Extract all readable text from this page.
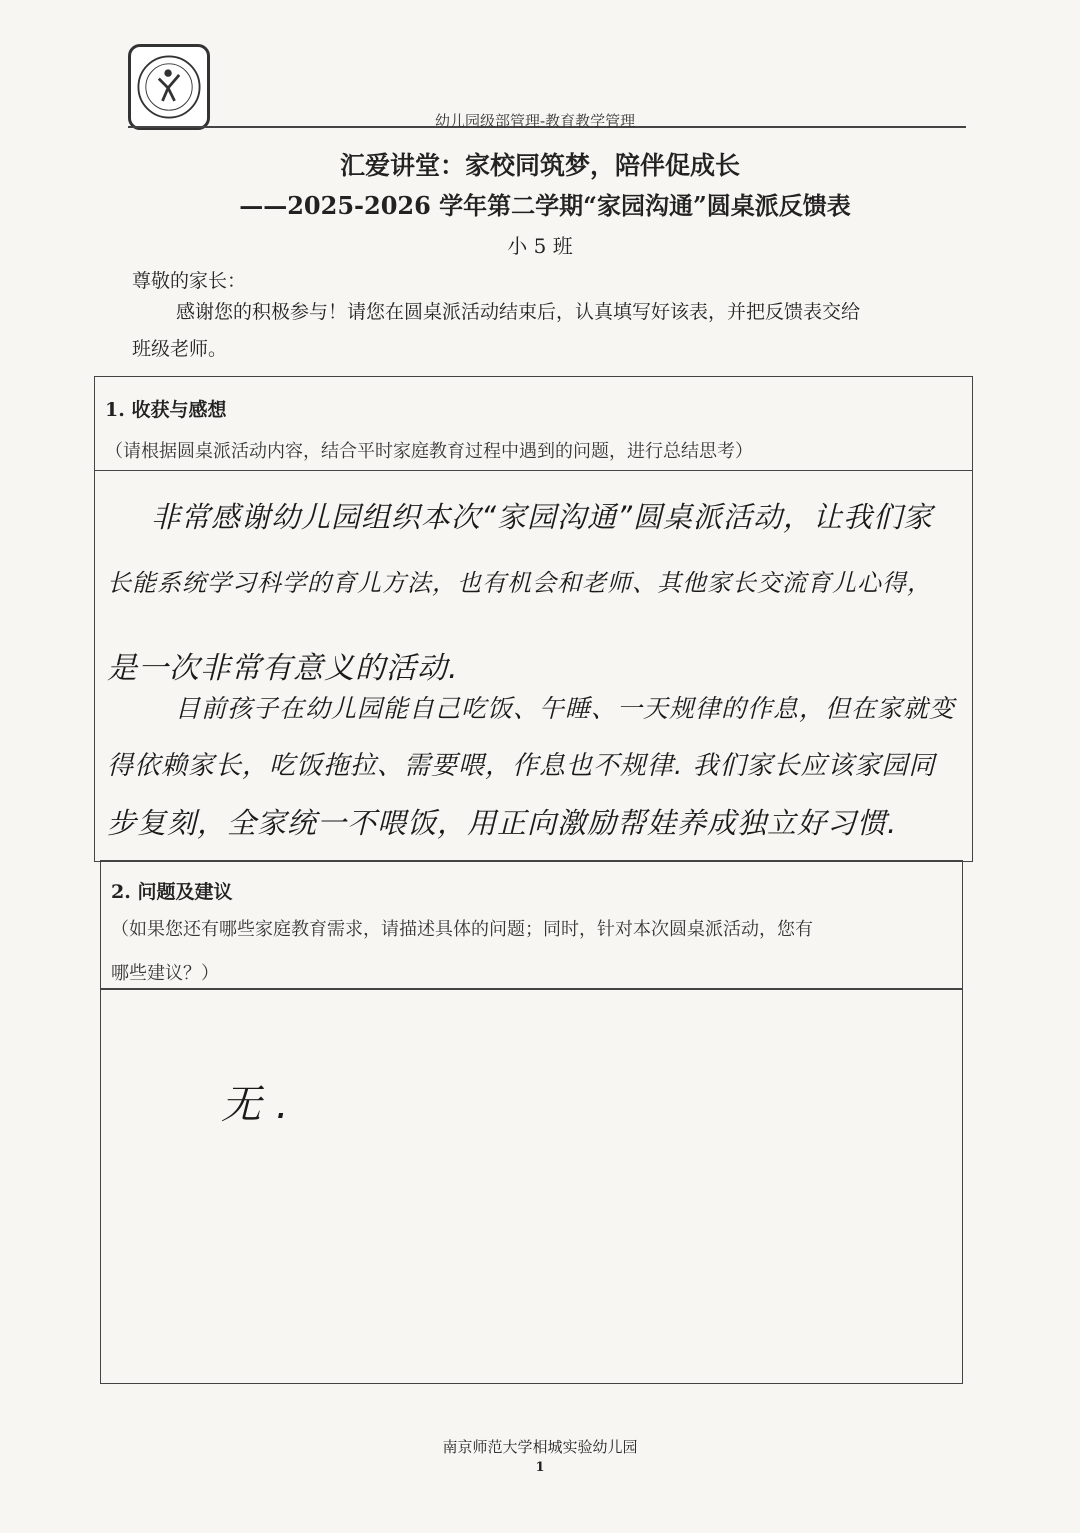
幼儿园级部管理-教育教学管理
汇爱讲堂：家校同筑梦，陪伴促成长
——2025-2026 学年第二学期“家园沟通”圆桌派反馈表
小 5 班
尊敬的家长：
感谢您的积极参与！请您在圆桌派活动结束后，认真填写好该表，并把反馈表交给
班级老师。
1. 收获与感想
（请根据圆桌派活动内容，结合平时家庭教育过程中遇到的问题，进行总结思考）
非常感谢幼儿园组织本次“家园沟通”圆桌派活动，让我们家
长能系统学习科学的育儿方法，也有机会和老师、其他家长交流育儿心得，
是一次非常有意义的活动.
目前孩子在幼儿园能自己吃饭、午睡、一天规律的作息，但在家就变
得依赖家长，吃饭拖拉、需要喂，作息也不规律. 我们家长应该家园同
步复刻，全家统一不喂饭，用正向激励帮娃养成独立好习惯.
2. 问题及建议
（如果您还有哪些家庭教育需求，请描述具体的问题；同时，针对本次圆桌派活动，您有
哪些建议？）
无 .
南京师范大学相城实验幼儿园
1
